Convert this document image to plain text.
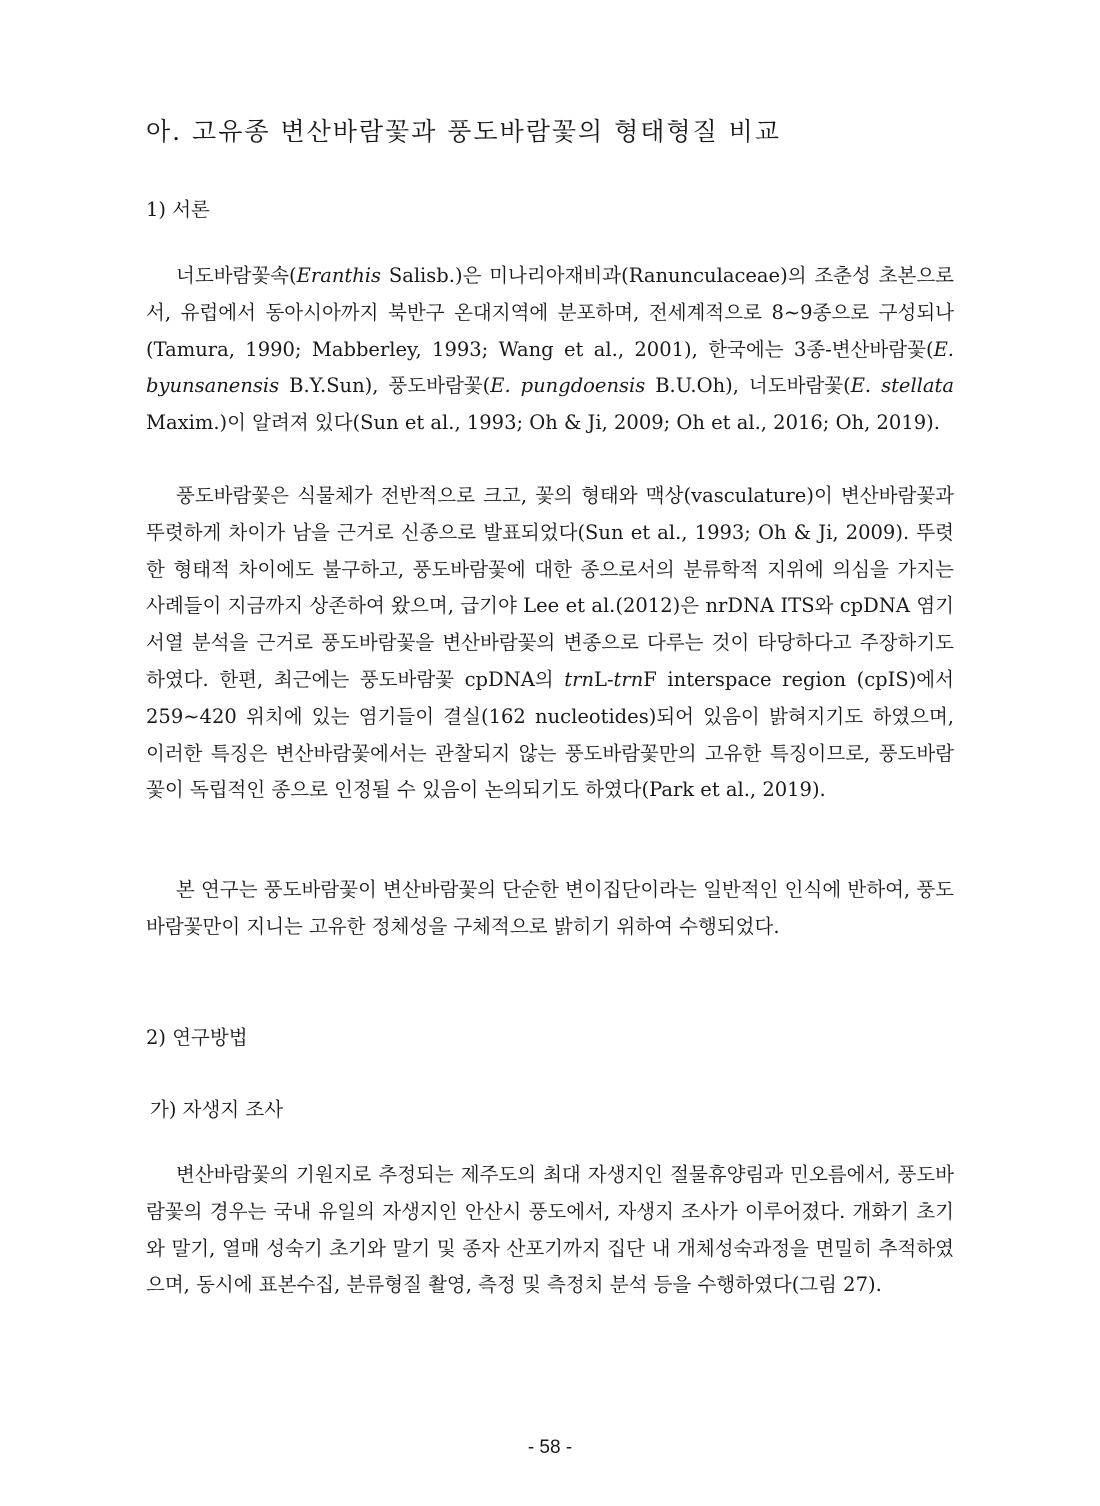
아. 고유종 변산바람꽃과 풍도바람꽃의 형태형질 비교
1) 서론

너도바람꽃속(Eranthis Salisb.)은 미나리아재비과(Ranunculaceae)의 조춘성 초본으로서, 유럽에서 동아시아까지 북반구 온대지역에 분포하며, 전세계적으로 8∼9종으로 구성되나(Tamura, 1990; Mabberley, 1993; Wang et al., 2001), 한국에는 3종-변산바람꽃(E. byunsanensis B.Y.Sun), 풍도바람꽃(E. pungdoensis B.U.Oh), 너도바람꽃(E. stellata Maxim.)이 알려져 있다(Sun et al., 1993; Oh & Ji, 2009; Oh et al., 2016; Oh, 2019).

풍도바람꽃은 식물체가 전반적으로 크고, 꽃의 형태와 맥상(vasculature)이 변산바람꽃과 뚜렷하게 차이가 남을 근거로 신종으로 발표되었다(Sun et al., 1993; Oh & Ji, 2009). 뚜렷한 형태적 차이에도 불구하고, 풍도바람꽃에 대한 종으로서의 분류학적 지위에 의심을 가지는 사례들이 지금까지 상존하여 왔으며, 급기야 Lee et al.(2012)은 nrDNA ITS와 cpDNA 염기서열 분석을 근거로 풍도바람꽃을 변산바람꽃의 변종으로 다루는 것이 타당하다고 주장하기도 하였다. 한편, 최근에는 풍도바람꽃 cpDNA의 trnL-trnF interspace region (cpIS)에서 259∼420 위치에 있는 염기들이 결실(162 nucleotides)되어 있음이 밝혀지기도 하였으며, 이러한 특징은 변산바람꽃에서는 관찰되지 않는 풍도바람꽃만의 고유한 특징이므로, 풍도바람꽃이 독립적인 종으로 인정될 수 있음이 논의되기도 하였다(Park et al., 2019).

본 연구는 풍도바람꽃이 변산바람꽃의 단순한 변이집단이라는 일반적인 인식에 반하여, 풍도바람꽃만이 지니는 고유한 정체성을 구체적으로 밝히기 위하여 수행되었다.

2) 연구방법
가) 자생지 조사

변산바람꽃의 기원지로 추정되는 제주도의 최대 자생지인 절물휴양림과 민오름에서, 풍도바람꽃의 경우는 국내 유일의 자생지인 안산시 풍도에서, 자생지 조사가 이루어졌다. 개화기 초기와 말기, 열매 성숙기 초기와 말기 및 종자 산포기까지 집단 내 개체성숙과정을 면밀히 추적하였으며, 동시에 표본수집, 분류형질 촬영, 측정 및 측정치 분석 등을 수행하였다(그림 27).

- 58 -
